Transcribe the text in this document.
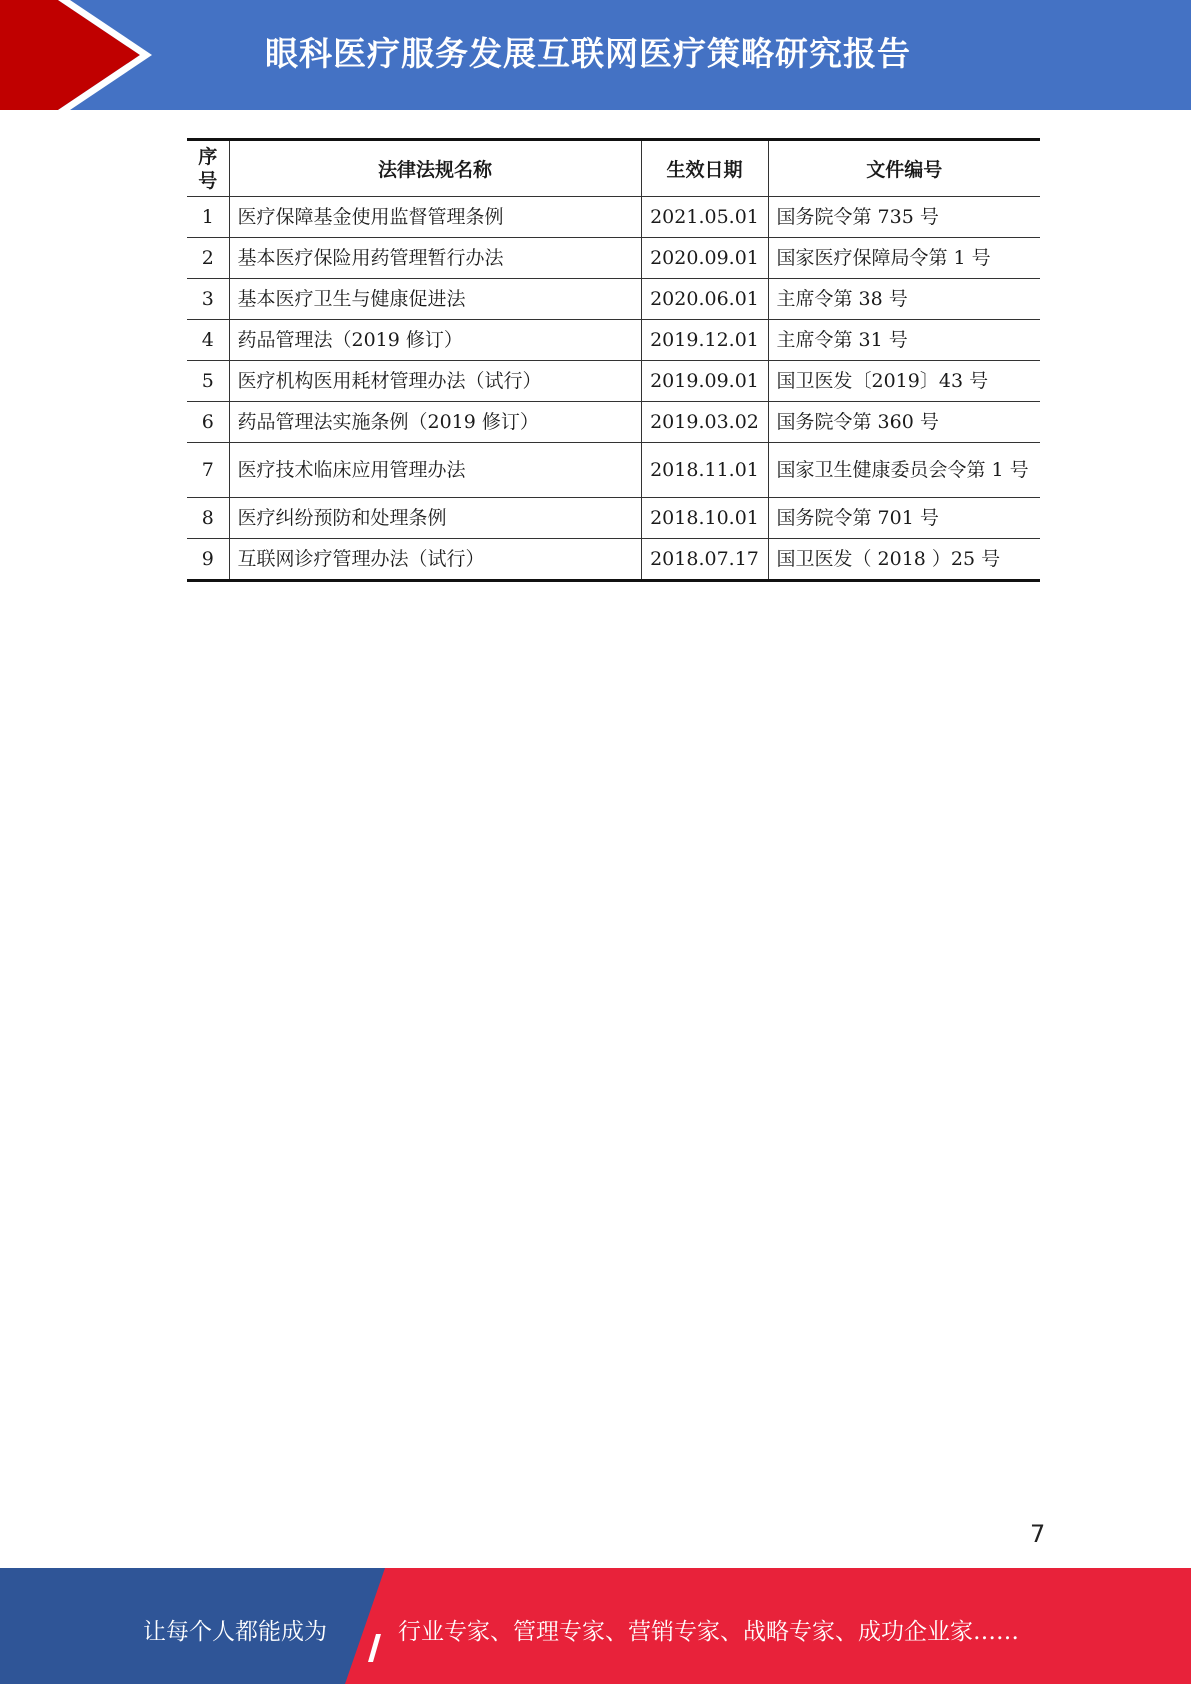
眼科医疗服务发展互联网医疗策略研究报告
序
号	法律法规名称	生效日期	文件编号
1	医疗保障基金使用监督管理条例	2021.05.01	国务院令第 735 号
2	基本医疗保险用药管理暂行办法	2020.09.01	国家医疗保障局令第 1 号
3	基本医疗卫生与健康促进法	2020.06.01	主席令第 38 号
4	药品管理法（2019 修订）	2019.12.01	主席令第 31 号
5	医疗机构医用耗材管理办法（试行）	2019.09.01	国卫医发〔2019〕43 号
6	药品管理法实施条例（2019 修订）	2019.03.02	国务院令第 360 号
7	医疗技术临床应用管理办法	2018.11.01	国家卫生健康委员会令第 1 号
8	医疗纠纷预防和处理条例	2018.10.01	国务院令第 701 号
9	互联网诊疗管理办法（试行）	2018.07.17	国卫医发（ 2018 ）25 号
7
让每个人都能成为	行业专家、管理专家、营销专家、战略专家、成功企业家……
